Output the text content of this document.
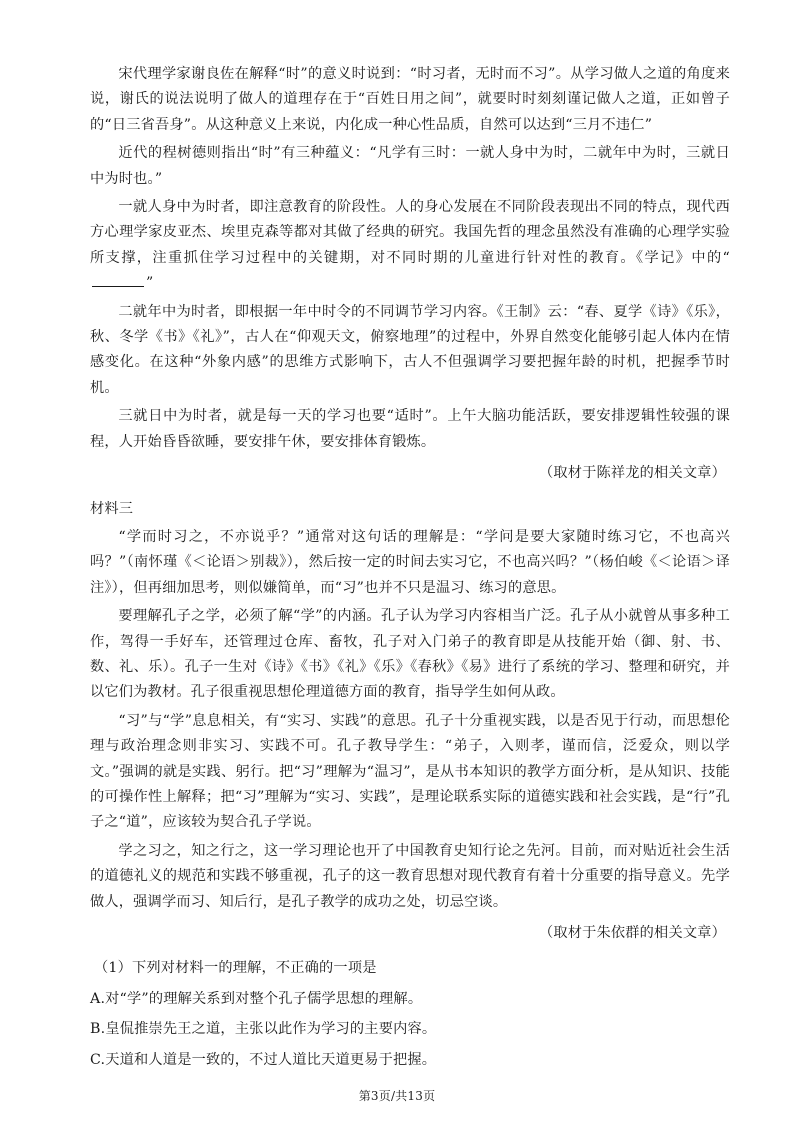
宋代理学家谢良佐在解释“时”的意义时说到：“时习者，无时而不习”。从学习做人之道的角度来说，谢氏的说法说明了做人的道理存在于“百姓日用之间”，就要时时刻刻谨记做人之道，正如曾子的“日三省吾身”。从这种意义上来说，内化成一种心性品质，自然可以达到“三月不违仁”

近代的程树德则指出“时”有三种蕴义：“凡学有三时：一就人身中为时，二就年中为时，三就日中为时也。”

一就人身中为时者，即注意教育的阶段性。人的身心发展在不同阶段表现出不同的特点，现代西方心理学家皮亚杰、埃里克森等都对其做了经典的研究。我国先哲的理念虽然没有准确的心理学实验所支撑，注重抓住学习过程中的关键期，对不同时期的儿童进行针对性的教育。《学记》中的“”

二就年中为时者，即根据一年中时令的不同调节学习内容。《王制》云：“春、夏学《诗》《乐》，秋、冬学《书》《礼》”，古人在“仰观天文，俯察地理”的过程中，外界自然变化能够引起人体内在情感变化。在这种“外象内感”的思维方式影响下，古人不但强调学习要把握年龄的时机，把握季节时机。

三就日中为时者，就是每一天的学习也要“适时”。上午大脑功能活跃，要安排逻辑性较强的课程，人开始昏昏欲睡，要安排午休，要安排体育锻炼。

（取材于陈祥龙的相关文章）

材料三

“学而时习之，不亦说乎？”通常对这句话的理解是：“学问是要大家随时练习它，不也高兴吗？”（南怀瑾《＜论语＞别裁》），然后按一定的时间去实习它，不也高兴吗？”（杨伯峻《＜论语＞译注》），但再细加思考，则似嫌简单，而“习”也并不只是温习、练习的意思。

要理解孔子之学，必须了解“学”的内涵。孔子认为学习内容相当广泛。孔子从小就曾从事多种工作，驾得一手好车，还管理过仓库、畜牧，孔子对入门弟子的教育即是从技能开始（御、射、书、数、礼、乐）。孔子一生对《诗》《书》《礼》《乐》《春秋》《易》进行了系统的学习、整理和研究，并以它们为教材。孔子很重视思想伦理道德方面的教育，指导学生如何从政。

“习”与“学”息息相关，有“实习、实践”的意思。孔子十分重视实践，以是否见于行动，而思想伦理与政治理念则非实习、实践不可。孔子教导学生：“弟子，入则孝，谨而信，泛爱众，则以学文。”强调的就是实践、躬行。把“习”理解为“温习”，是从书本知识的教学方面分析，是从知识、技能的可操作性上解释；把“习”理解为“实习、实践”，是理论联系实际的道德实践和社会实践，是“行”孔子之“道”，应该较为契合孔子学说。

学之习之，知之行之，这一学习理论也开了中国教育史知行论之先河。目前，而对贴近社会生活的道德礼义的规范和实践不够重视，孔子的这一教育思想对现代教育有着十分重要的指导意义。先学做人，强调学而习、知后行，是孔子教学的成功之处，切忌空谈。

（取材于朱依群的相关文章）

（1）下列对材料一的理解，不正确的一项是

A.对“学”的理解关系到对整个孔子儒学思想的理解。

B.皇侃推崇先王之道，主张以此作为学习的主要内容。

C.天道和人道是一致的，不过人道比天道更易于把握。

第3页/共13页
